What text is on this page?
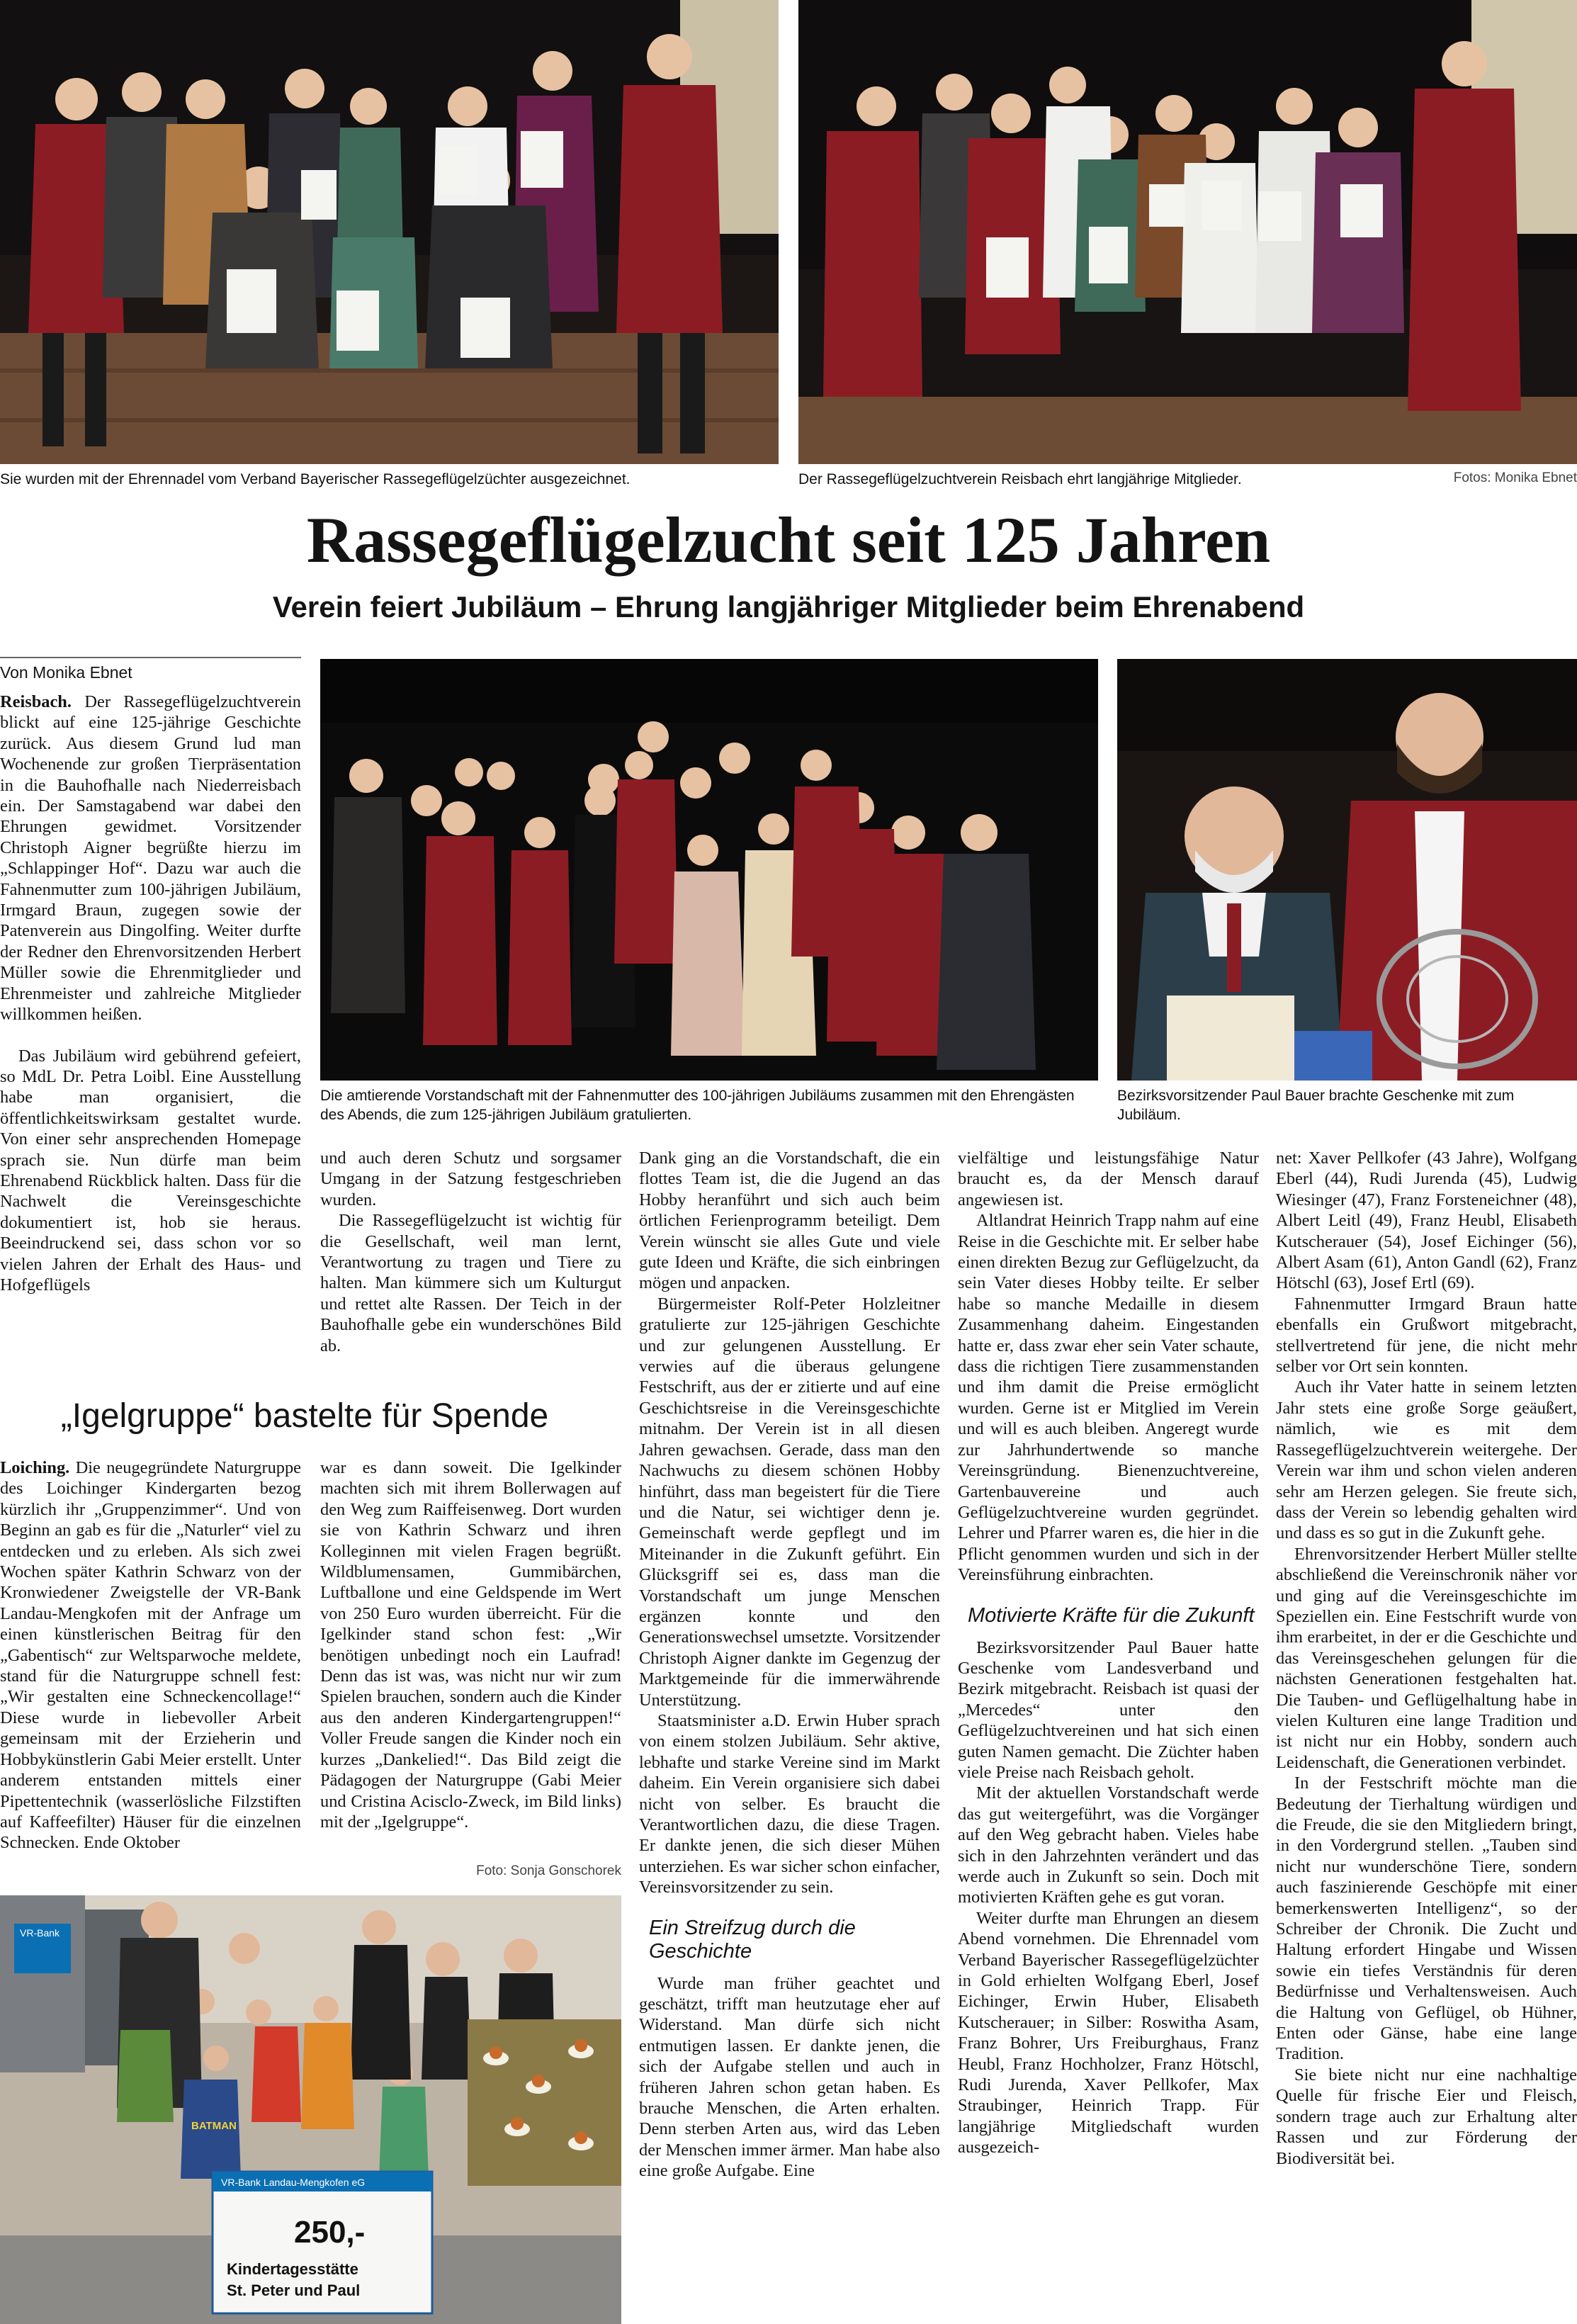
Sie wurden mit der Ehrennadel vom Verband Bayerischer Rassegeflügelzüchter ausgezeichnet.	Der Rassegeflügelzuchtverein Reisbach ehrt langjährige Mitglieder.	Fotos: Monika Ebnet
Rassegeflügelzucht seit 125 Jahren
Verein feiert Jubiläum – Ehrung langjähriger Mitglieder beim Ehrenabend
Die amtierende Vorstandschaft mit der Fahnenmutter des 100-jährigen Jubiläums zusammen mit den Ehrengästen des Abends, die zum 125-jährigen Jubiläum gratulierten.
Bezirksvorsitzender Paul Bauer brachte Geschenke mit zum Jubiläum.
Von Monika Ebnet

Reisbach. Der Rassegeflügelzuchtverein blickt auf eine 125-jährige Geschichte zurück. Aus diesem Grund lud man Wochenende zur großen Tierpräsentation in die Bauhofhalle nach Niederreisbach ein. Der Samstagabend war dabei den Ehrungen gewidmet. Vorsitzender Christoph Aigner begrüßte hierzu im „Schlappinger Hof“. Dazu war auch die Fahnenmutter zum 100-jährigen Jubiläum, Irmgard Braun, zugegen sowie der Patenverein aus Dingolfing. Weiter durfte der Redner den Ehrenvorsitzenden Herbert Müller sowie die Ehrenmitglieder und Ehrenmeister und zahlreiche Mitglieder willkommen heißen.

Das Jubiläum wird gebührend gefeiert, so MdL Dr. Petra Loibl. Eine Ausstellung habe man organisiert, die öffentlichkeitswirksam gestaltet wurde. Von einer sehr ansprechenden Homepage sprach sie. Nun dürfe man beim Ehrenabend Rückblick halten. Dass für die Nachwelt die Vereinsgeschichte dokumentiert ist, hob sie heraus. Beeindruckend sei, dass schon vor so vielen Jahren der Erhalt des Haus- und Hofgeflügels

und auch deren Schutz und sorgsamer Umgang in der Satzung festgeschrieben wurden.

Die Rassegeflügelzucht ist wichtig für die Gesellschaft, weil man lernt, Verantwortung zu tragen und Tiere zu halten. Man kümmere sich um Kulturgut und rettet alte Rassen. Der Teich in der Bauhofhalle gebe ein wunderschönes Bild ab.

Dank ging an die Vorstandschaft, die ein flottes Team ist, die die Jugend an das Hobby heranführt und sich auch beim örtlichen Ferienprogramm beteiligt. Dem Verein wünscht sie alles Gute und viele gute Ideen und Kräfte, die sich einbringen mögen und anpacken.

Bürgermeister Rolf-Peter Holzleitner gratulierte zur 125-jährigen Geschichte und zur gelungenen Ausstellung. Er verwies auf die überaus gelungene Festschrift, aus der er zitierte und auf eine Geschichtsreise in die Vereinsgeschichte mitnahm. Der Verein ist in all diesen Jahren gewachsen. Gerade, dass man den Nachwuchs zu diesem schönen Hobby hinführt, dass man begeistert für die Tiere und die Natur, sei wichtiger denn je. Gemeinschaft werde gepflegt und im Miteinander in die Zukunft geführt. Ein Glücksgriff sei es, dass man die Vorstandschaft um junge Menschen ergänzen konnte und den Generationswechsel umsetzte. Vorsitzender Christoph Aigner dankte im Gegenzug der Marktgemeinde für die immerwährende Unterstützung.

Staatsminister a.D. Erwin Huber sprach von einem stolzen Jubiläum. Sehr aktive, lebhafte und starke Vereine sind im Markt daheim. Ein Verein organisiere sich dabei nicht von selber. Es braucht die Verantwortlichen dazu, die diese Tragen. Er dankte jenen, die sich dieser Mühen unterziehen. Es war sicher schon einfacher, Vereinsvorsitzender zu sein.

Ein Streifzug durch die Geschichte

Wurde man früher geachtet und geschätzt, trifft man heutzutage eher auf Widerstand. Man dürfe sich nicht entmutigen lassen. Er dankte jenen, die sich der Aufgabe stellen und auch in früheren Jahren schon getan haben. Es brauche Menschen, die Arten erhalten. Denn sterben Arten aus, wird das Leben der Menschen immer ärmer. Man habe also eine große Aufgabe. Eine

vielfältige und leistungsfähige Natur braucht es, da der Mensch darauf angewiesen ist.

Altlandrat Heinrich Trapp nahm auf eine Reise in die Geschichte mit. Er selber habe einen direkten Bezug zur Geflügelzucht, da sein Vater dieses Hobby teilte. Er selber habe so manche Medaille in diesem Zusammenhang daheim. Eingestanden hatte er, dass zwar eher sein Vater schaute, dass die richtigen Tiere zusammenstanden und ihm damit die Preise ermöglicht wurden. Gerne ist er Mitglied im Verein und will es auch bleiben. Angeregt wurde zur Jahrhundertwende so manche Vereinsgründung. Bienenzuchtvereine, Gartenbauvereine und auch Geflügelzuchtvereine wurden gegründet. Lehrer und Pfarrer waren es, die hier in die Pflicht genommen wurden und sich in der Vereinsführung einbrachten.

Motivierte Kräfte für die Zukunft

Bezirksvorsitzender Paul Bauer hatte Geschenke vom Landesverband und Bezirk mitgebracht. Reisbach ist quasi der „Mercedes“ unter den Geflügelzuchtvereinen und hat sich einen guten Namen gemacht. Die Züchter haben viele Preise nach Reisbach geholt.

Mit der aktuellen Vorstandschaft werde das gut weitergeführt, was die Vorgänger auf den Weg gebracht haben. Vieles habe sich in den Jahrzehnten verändert und das werde auch in Zukunft so sein. Doch mit motivierten Kräften gehe es gut voran.

Weiter durfte man Ehrungen an diesem Abend vornehmen. Die Ehrennadel vom Verband Bayerischer Rassegeflügelzüchter in Gold erhielten Wolfgang Eberl, Josef Eichinger, Erwin Huber, Elisabeth Kutscherauer; in Silber: Roswitha Asam, Franz Bohrer, Urs Freiburghaus, Franz Heubl, Franz Hochholzer, Franz Hötschl, Rudi Jurenda, Xaver Pellkofer, Max Straubinger, Heinrich Trapp. Für langjährige Mitgliedschaft wurden ausgezeich-

net: Xaver Pellkofer (43 Jahre), Wolfgang Eberl (44), Rudi Jurenda (45), Ludwig Wiesinger (47), Franz Forsteneichner (48), Albert Leitl (49), Franz Heubl, Elisabeth Kutscherauer (54), Josef Eichinger (56), Albert Asam (61), Anton Gandl (62), Franz Hötschl (63), Josef Ertl (69).

Fahnenmutter Irmgard Braun hatte ebenfalls ein Grußwort mitgebracht, stellvertretend für jene, die nicht mehr selber vor Ort sein konnten.

Auch ihr Vater hatte in seinem letzten Jahr stets eine große Sorge geäußert, nämlich, wie es mit dem Rassegeflügelzuchtverein weitergehe. Der Verein war ihm und schon vielen anderen sehr am Herzen gelegen. Sie freute sich, dass der Verein so lebendig gehalten wird und dass es so gut in die Zukunft gehe.

Ehrenvorsitzender Herbert Müller stellte abschließend die Vereinschronik näher vor und ging auf die Vereinsgeschichte im Speziellen ein. Eine Festschrift wurde von ihm erarbeitet, in der er die Geschichte und das Vereinsgeschehen gelungen für die nächsten Generationen festgehalten hat. Die Tauben- und Geflügelhaltung habe in vielen Kulturen eine lange Tradition und ist nicht nur ein Hobby, sondern auch Leidenschaft, die Generationen verbindet.

In der Festschrift möchte man die Bedeutung der Tierhaltung würdigen und die Freude, die sie den Mitgliedern bringt, in den Vordergrund stellen. „Tauben sind nicht nur wunderschöne Tiere, sondern auch faszinierende Geschöpfe mit einer bemerkenswerten Intelligenz“, so der Schreiber der Chronik. Die Zucht und Haltung erfordert Hingabe und Wissen sowie ein tiefes Verständnis für deren Bedürfnisse und Verhaltensweisen. Auch die Haltung von Geflügel, ob Hühner, Enten oder Gänse, habe eine lange Tradition.

Sie biete nicht nur eine nachhaltige Quelle für frische Eier und Fleisch, sondern trage auch zur Erhaltung alter Rassen und zur Förderung der Biodiversität bei.

„Igelgruppe“ bastelte für Spende

Loiching. Die neugegründete Naturgruppe des Loichinger Kindergarten bezog kürzlich ihr „Gruppenzimmer“. Und von Beginn an gab es für die „Naturler“ viel zu entdecken und zu erleben. Als sich zwei Wochen später Kathrin Schwarz von der Kronwiedener Zweigstelle der VR-Bank Landau-Mengkofen mit der Anfrage um einen künstlerischen Beitrag für den „Gabentisch“ zur Weltsparwoche meldete, stand für die Naturgruppe schnell fest: „Wir gestalten eine Schneckencollage!“ Diese wurde in liebevoller Arbeit gemeinsam mit der Erzieherin und Hobbykünstlerin Gabi Meier erstellt. Unter anderem entstanden mittels einer Pipettentechnik (wasserlösliche Filzstiften auf Kaffeefilter) Häuser für die einzelnen Schnecken. Ende Oktober

war es dann soweit. Die Igelkinder machten sich mit ihrem Bollerwagen auf den Weg zum Raiffeisenweg. Dort wurden sie von Kathrin Schwarz und ihren Kolleginnen mit vielen Fragen begrüßt. Wildblumensamen, Gummibärchen, Luftballone und eine Geldspende im Wert von 250 Euro wurden überreicht. Für die Igelkinder stand schon fest: „Wir benötigen unbedingt noch ein Laufrad! Denn das ist was, was nicht nur wir zum Spielen brauchen, sondern auch die Kinder aus den anderen Kindergartengruppen!“ Voller Freude sangen die Kinder noch ein kurzes „Dankelied!“. Das Bild zeigt die Pädagogen der Naturgruppe (Gabi Meier und Cristina Acisclo-Zweck, im Bild links) mit der „Igelgruppe“.

Foto: Sonja Gonschorek
VR-Bank
BATMAN
VR-Bank Landau-Mengkofen eG
250,-
Kindertagesstätte
St. Peter und Paul
